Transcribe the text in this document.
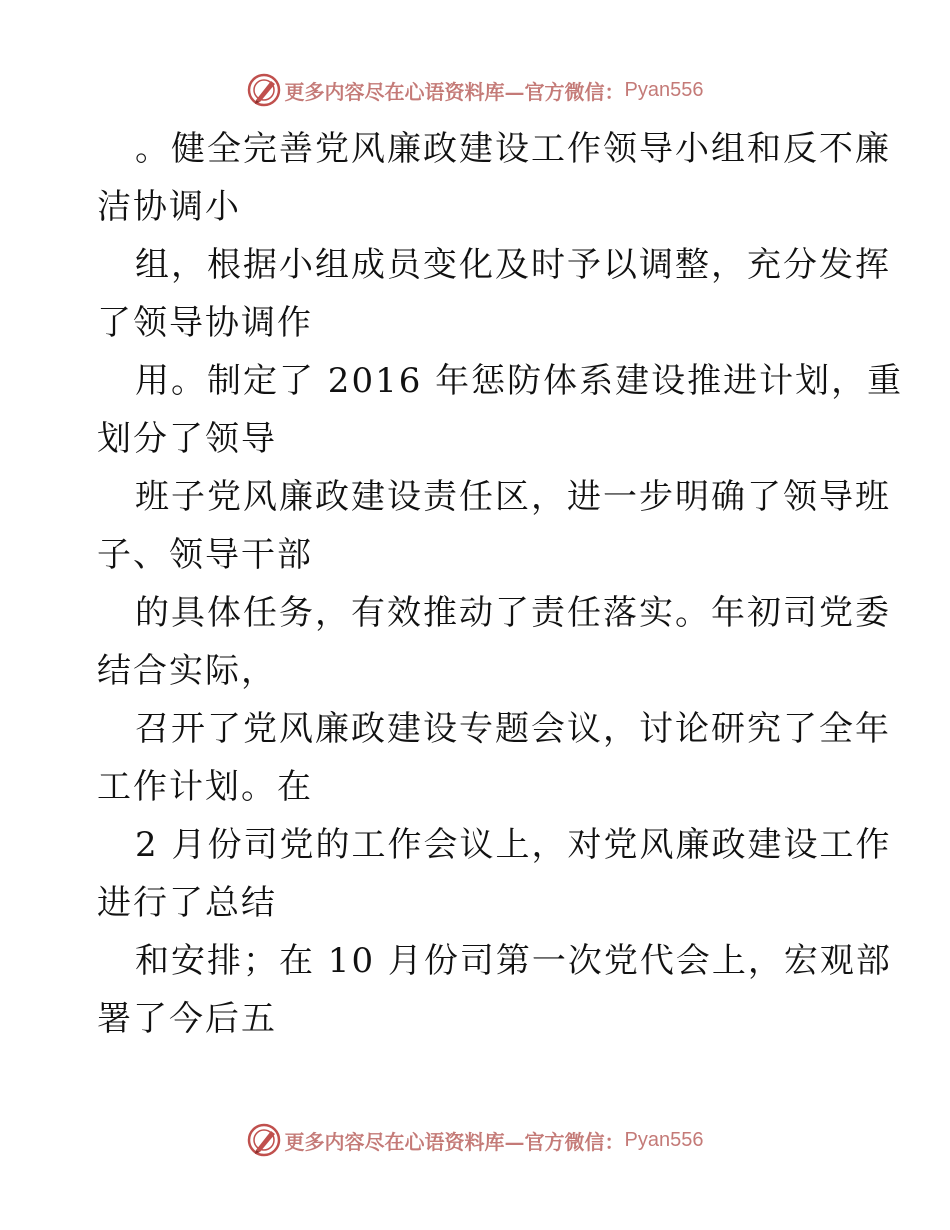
更多内容尽在心语资料库—官方微信： Pyan556
。健全完善党风廉政建设工作领导小组和反不廉
洁协调小
组，根据小组成员变化及时予以调整，充分发挥
了领导协调作
用。制定了 2016 年惩防体系建设推进计划，重
划分了领导
班子党风廉政建设责任区，进一步明确了领导班
子、领导干部
的具体任务，有效推动了责任落实。年初司党委
结合实际，
召开了党风廉政建设专题会议，讨论研究了全年
工作计划。在
2 月份司党的工作会议上，对党风廉政建设工作
进行了总结
和安排；在 10 月份司第一次党代会上，宏观部
署了今后五
更多内容尽在心语资料库—官方微信： Pyan556
